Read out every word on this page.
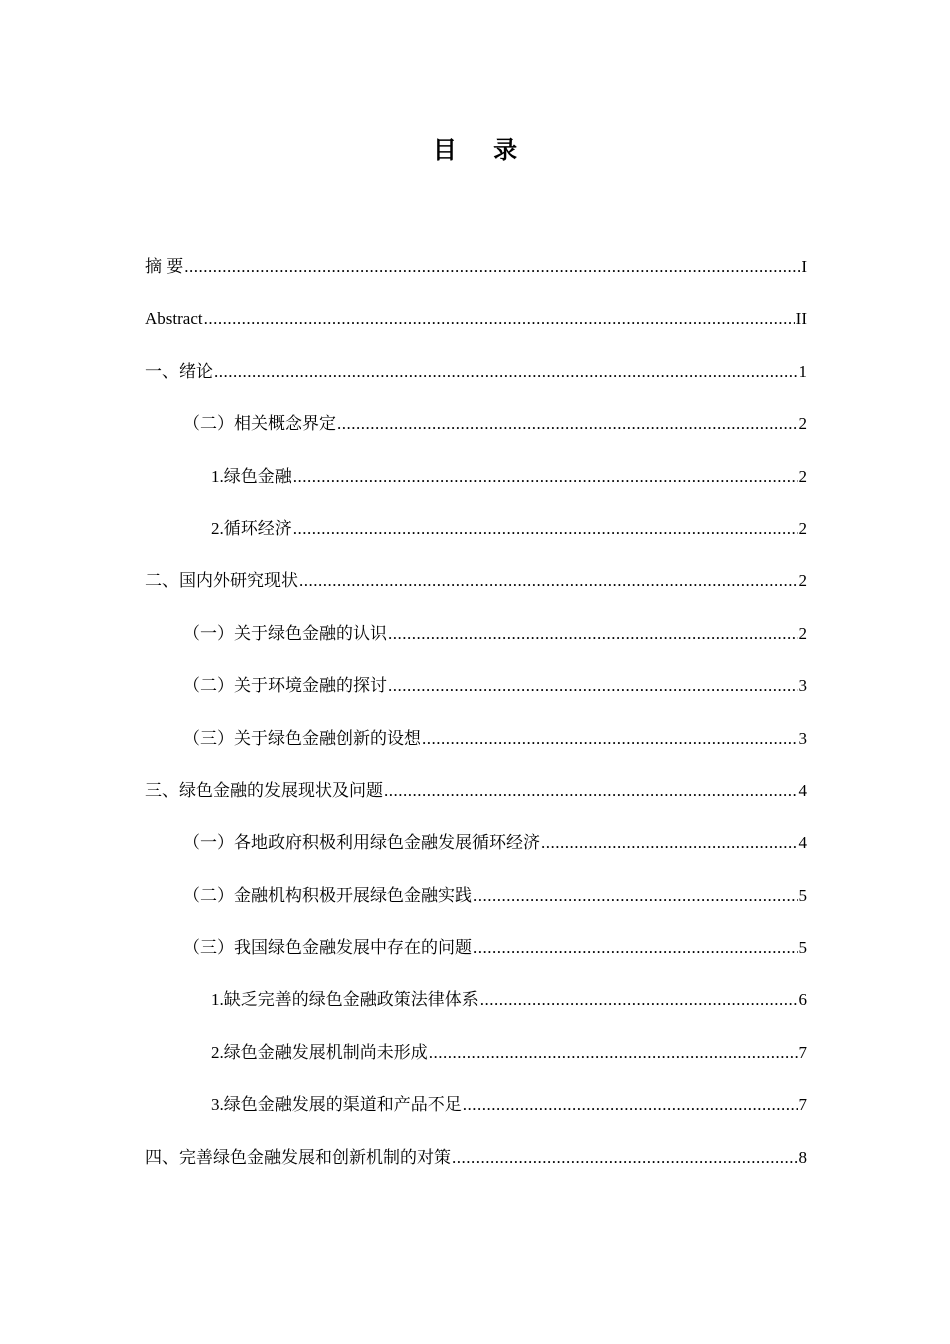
目 录
摘 要 .....	I
Abstract .....	II
一、绪论 .....	1
（二）相关概念界定 .....	2
1.绿色金融 .....	2
2.循环经济 .....	2
二、国内外研究现状 .....	2
（一）关于绿色金融的认识 .....	2
（二）关于环境金融的探讨 .....	3
（三）关于绿色金融创新的设想 .....	3
三、绿色金融的发展现状及问题 .....	4
（一）各地政府积极利用绿色金融发展循环经济 .....	4
（二）金融机构积极开展绿色金融实践 .....	5
（三）我国绿色金融发展中存在的问题 .....	5
1.缺乏完善的绿色金融政策法律体系 .....	6
2.绿色金融发展机制尚未形成 .....	7
3.绿色金融发展的渠道和产品不足 .....	7
四、完善绿色金融发展和创新机制的对策 .....	8
